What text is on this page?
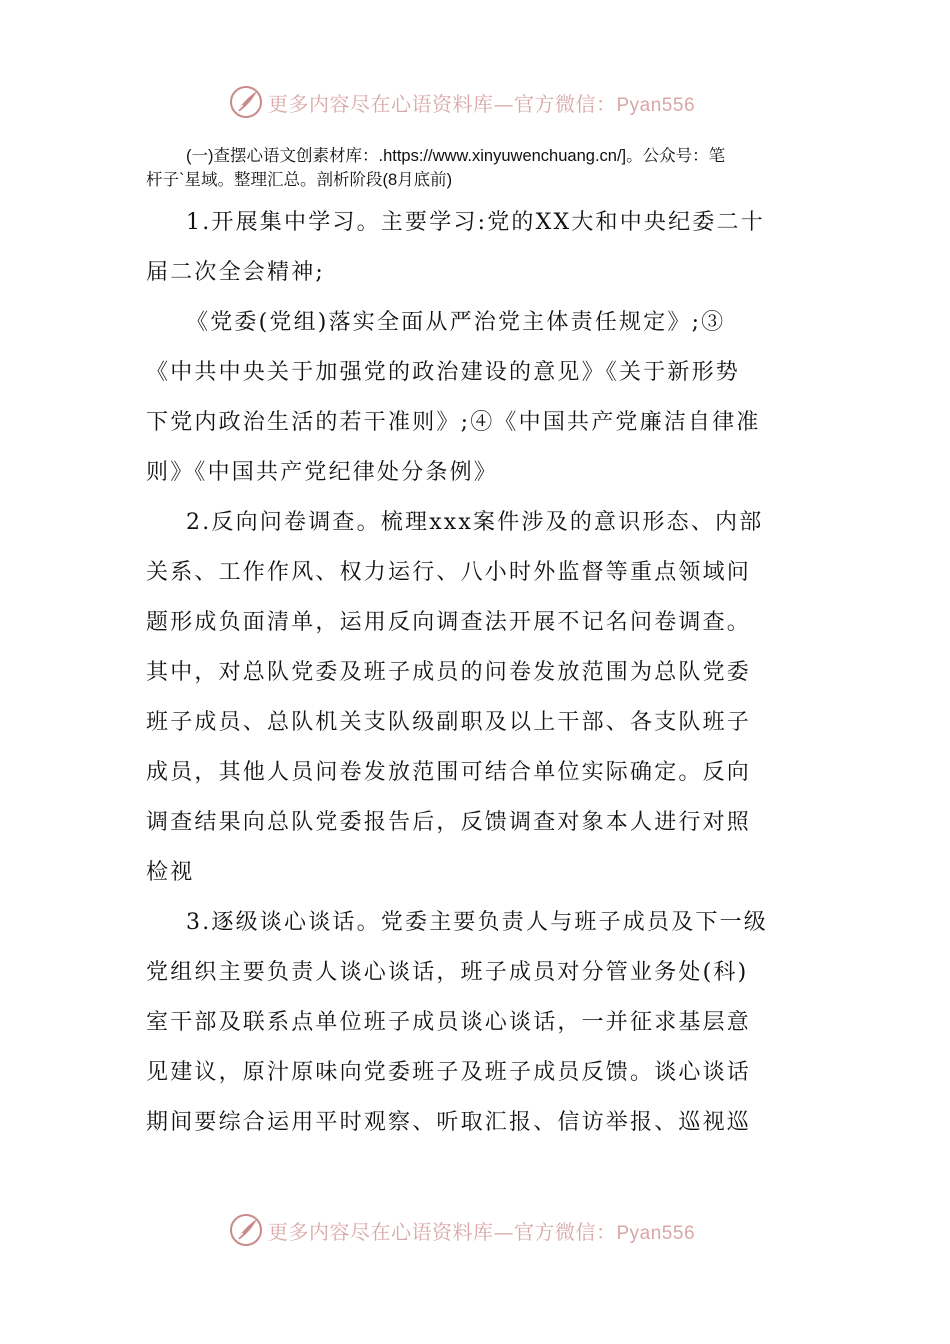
更多内容尽在心语资料库—官方微信：Pyan556
(一)查摆心语文创素材库：.https://www.xinyuwenchuang.cn/]。公众号：笔
杆子`星域。整理汇总。剖析阶段(8月底前)

1.开展集中学习。主要学习:党的XX大和中央纪委二十
届二次全会精神;

《党委(党组)落实全面从严治党主体责任规定》;③
《中共中央关于加强党的政治建设的意见》《关于新形势
下党内政治生活的若干准则》;④《中国共产党廉洁自律准
则》《中国共产党纪律处分条例》

2.反向问卷调查。梳理xxx案件涉及的意识形态、内部
关系、工作作风、权力运行、八小时外监督等重点领域问
题形成负面清单，运用反向调查法开展不记名问卷调查。
其中，对总队党委及班子成员的问卷发放范围为总队党委
班子成员、总队机关支队级副职及以上干部、各支队班子
成员，其他人员问卷发放范围可结合单位实际确定。反向
调查结果向总队党委报告后，反馈调查对象本人进行对照
检视

3.逐级谈心谈话。党委主要负责人与班子成员及下一级
党组织主要负责人谈心谈话，班子成员对分管业务处(科)
室干部及联系点单位班子成员谈心谈话，一并征求基层意
见建议，原汁原味向党委班子及班子成员反馈。谈心谈话
期间要综合运用平时观察、听取汇报、信访举报、巡视巡

更多内容尽在心语资料库—官方微信：Pyan556
